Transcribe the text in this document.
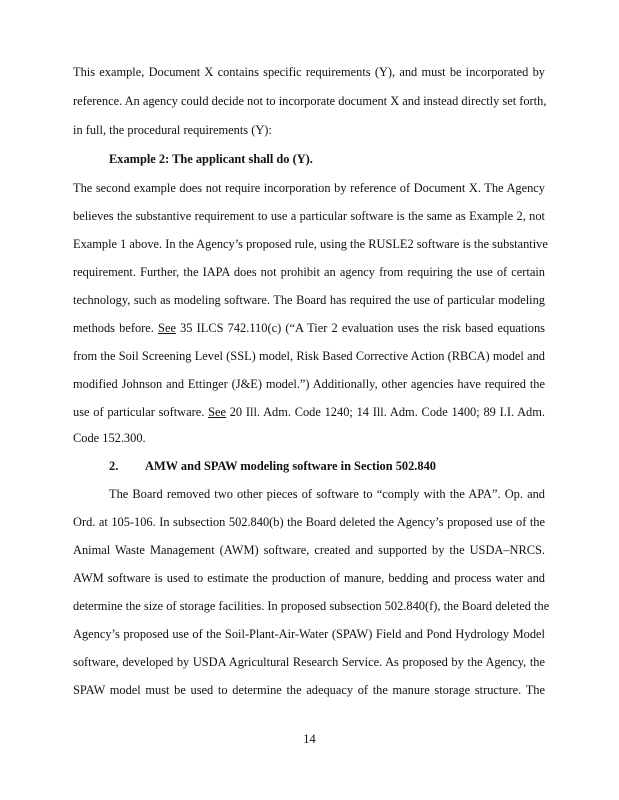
This example, Document X contains specific requirements (Y), and must be incorporated by
reference. An agency could decide not to incorporate document X and instead directly set forth,
in full, the procedural requirements (Y):
Example 2: The applicant shall do (Y).
The second example does not require incorporation by reference of Document X. The Agency
believes the substantive requirement to use a particular software is the same as Example 2, not
Example 1 above. In the Agency’s proposed rule, using the RUSLE2 software is the substantive
requirement. Further, the IAPA does not prohibit an agency from requiring the use of certain
technology, such as modeling software. The Board has required the use of particular modeling
methods before. See 35 ILCS 742.110(c) (“A Tier 2 evaluation uses the risk based equations
from the Soil Screening Level (SSL) model, Risk Based Corrective Action (RBCA) model and
modified Johnson and Ettinger (J&E) model.”) Additionally, other agencies have required the
use of particular software. See 20 Ill. Adm. Code 1240; 14 Ill. Adm. Code 1400; 89 I.I. Adm.
Code 152.300.
2. AMW and SPAW modeling software in Section 502.840
The Board removed two other pieces of software to “comply with the APA”. Op. and
Ord. at 105-106. In subsection 502.840(b) the Board deleted the Agency’s proposed use of the
Animal Waste Management (AWM) software, created and supported by the USDA–NRCS.
AWM software is used to estimate the production of manure, bedding and process water and
determine the size of storage facilities. In proposed subsection 502.840(f), the Board deleted the
Agency’s proposed use of the Soil-Plant-Air-Water (SPAW) Field and Pond Hydrology Model
software, developed by USDA Agricultural Research Service. As proposed by the Agency, the
SPAW model must be used to determine the adequacy of the manure storage structure. The
14
